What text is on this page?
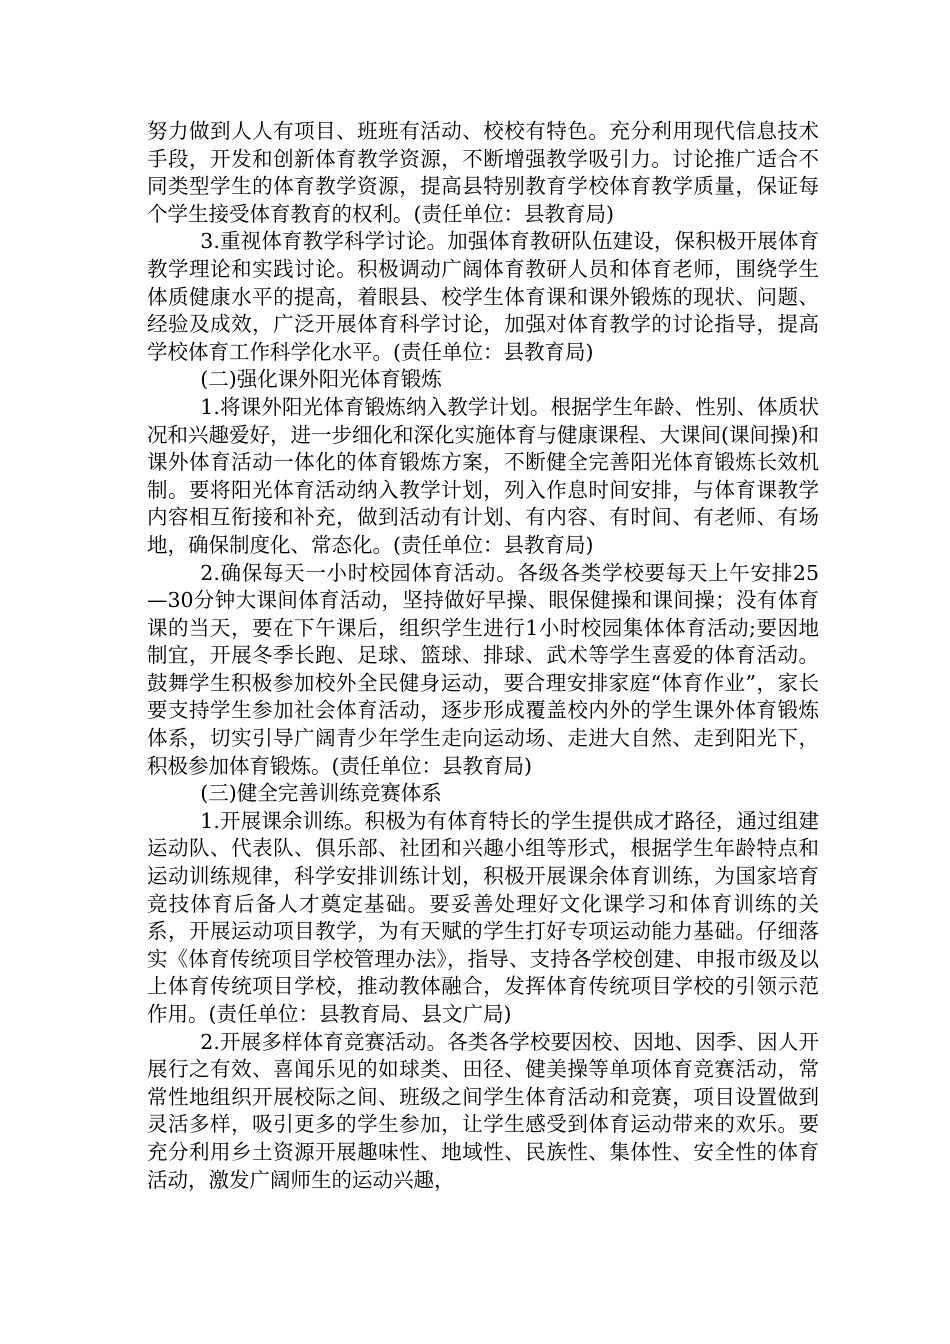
努力做到人人有项目、班班有活动、校校有特色。充分利用现代信息技术手段，开发和创新体育教学资源，不断增强教学吸引力。讨论推广适合不同类型学生的体育教学资源，提高县特别教育学校体育教学质量，保证每个学生接受体育教育的权利。(责任单位：县教育局)

3.重视体育教学科学讨论。加强体育教研队伍建设，保积极开展体育教学理论和实践讨论。积极调动广阔体育教研人员和体育老师，围绕学生体质健康水平的提高，着眼县、校学生体育课和课外锻炼的现状、问题、经验及成效，广泛开展体育科学讨论，加强对体育教学的讨论指导，提高学校体育工作科学化水平。(责任单位：县教育局)

(二)强化课外阳光体育锻炼

1.将课外阳光体育锻炼纳入教学计划。根据学生年龄、性别、体质状况和兴趣爱好，进一步细化和深化实施体育与健康课程、大课间(课间操)和课外体育活动一体化的体育锻炼方案，不断健全完善阳光体育锻炼长效机制。要将阳光体育活动纳入教学计划，列入作息时间安排，与体育课教学内容相互衔接和补充，做到活动有计划、有内容、有时间、有老师、有场地，确保制度化、常态化。(责任单位：县教育局)

2.确保每天一小时校园体育活动。各级各类学校要每天上午安排25—30分钟大课间体育活动，坚持做好早操、眼保健操和课间操；没有体育课的当天，要在下午课后，组织学生进行1小时校园集体体育活动;要因地制宜，开展冬季长跑、足球、篮球、排球、武术等学生喜爱的体育活动。鼓舞学生积极参加校外全民健身运动，要合理安排家庭“体育作业”，家长要支持学生参加社会体育活动，逐步形成覆盖校内外的学生课外体育锻炼体系，切实引导广阔青少年学生走向运动场、走进大自然、走到阳光下，积极参加体育锻炼。(责任单位：县教育局)

(三)健全完善训练竞赛体系

1.开展课余训练。积极为有体育特长的学生提供成才路径，通过组建运动队、代表队、俱乐部、社团和兴趣小组等形式，根据学生年龄特点和运动训练规律，科学安排训练计划，积极开展课余体育训练，为国家培育竞技体育后备人才奠定基础。要妥善处理好文化课学习和体育训练的关系，开展运动项目教学，为有天赋的学生打好专项运动能力基础。仔细落实《体育传统项目学校管理办法》，指导、支持各学校创建、申报市级及以上体育传统项目学校，推动教体融合，发挥体育传统项目学校的引领示范作用。(责任单位：县教育局、县文广局)

2.开展多样体育竞赛活动。各类各学校要因校、因地、因季、因人开展行之有效、喜闻乐见的如球类、田径、健美操等单项体育竞赛活动，常常性地组织开展校际之间、班级之间学生体育活动和竞赛，项目设置做到灵活多样，吸引更多的学生参加，让学生感受到体育运动带来的欢乐。要充分利用乡土资源开展趣味性、地域性、民族性、集体性、安全性的体育活动，激发广阔师生的运动兴趣，
